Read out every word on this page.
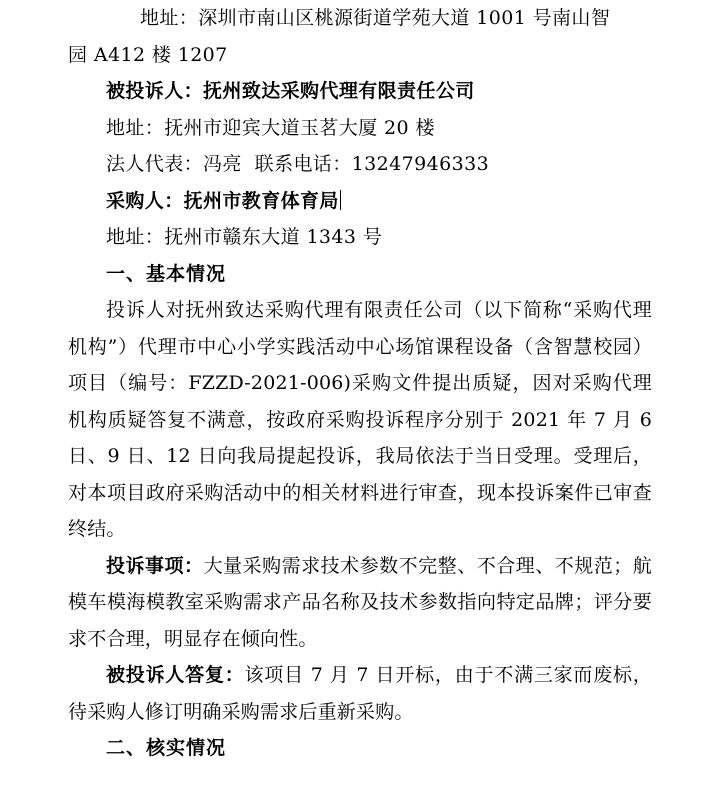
地址：深圳市南山区桃源街道学苑大道 1001 号南山智
园 A412 楼 1207
被投诉人：抚州致达采购代理有限责任公司
地址：抚州市迎宾大道玉茗大厦 20 楼
法人代表：冯亮  联系电话：13247946333
采购人：抚州市教育体育局
地址：抚州市赣东大道 1343 号
一、基本情况

投诉人对抚州致达采购代理有限责任公司（以下简称“采购代理机构”）代理市中心小学实践活动中心场馆课程设备（含智慧校园）项目（编号：FZZD-2021-006)采购文件提出质疑，因对采购代理机构质疑答复不满意，按政府采购投诉程序分别于 2021 年 7 月 6 日、9 日、12 日向我局提起投诉，我局依法于当日受理。受理后，对本项目政府采购活动中的相关材料进行审查，现本投诉案件已审查终结。

投诉事项：大量采购需求技术参数不完整、不合理、不规范；航模车模海模教室采购需求产品名称及技术参数指向特定品牌；评分要求不合理，明显存在倾向性。

被投诉人答复：该项目 7 月 7 日开标，由于不满三家而废标，待采购人修订明确采购需求后重新采购。

二、核实情况
